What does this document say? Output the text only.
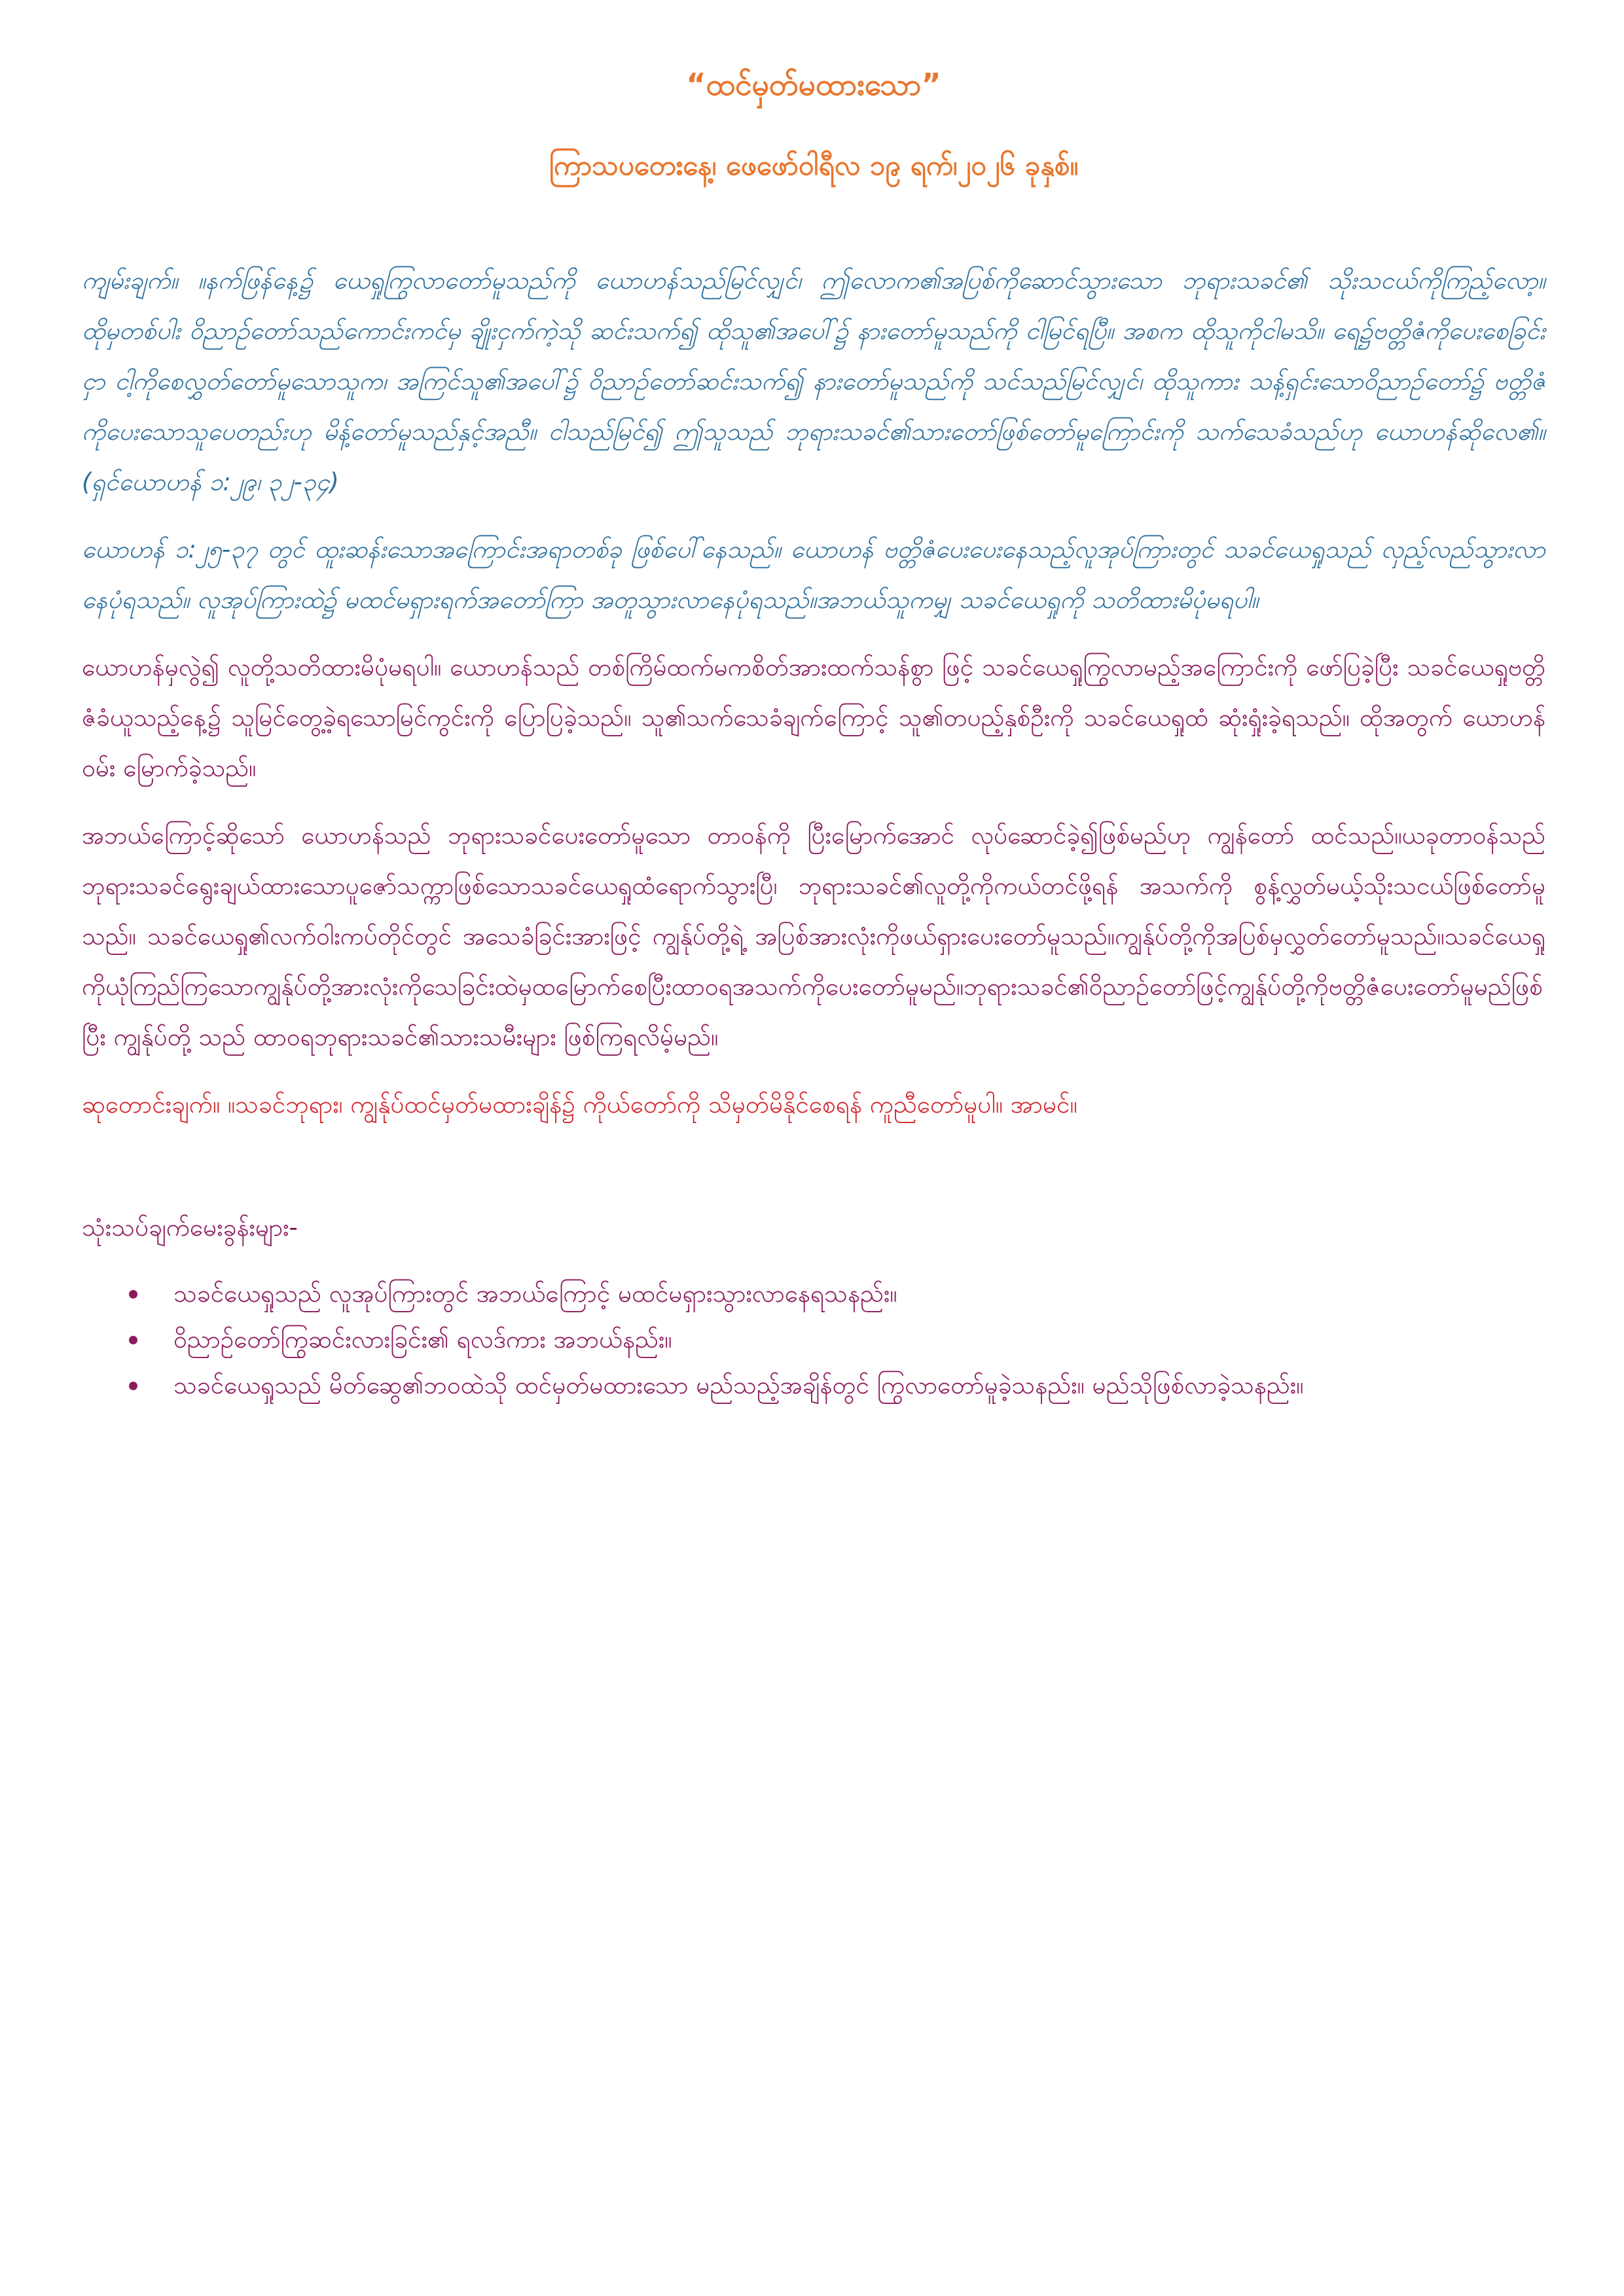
“ထင်မှတ်မထားသော”
ကြာသပတေးနေ့၊ ဖေဖော်ဝါရီလ ၁၉ ရက်၊၂၀၂၆ ခုနှစ်။

ကျမ်းချက်။ ။နက်ဖြန်နေ့၌ ယေရှုကြွလာတော်မူသည်ကို ယောဟန်သည်မြင်လျှင်၊ ဤလောက၏အပြစ်ကိုဆောင်သွားသော ဘုရားသခင်၏ သိုးသငယ်ကိုကြည့်လော့။ ထိုမှတစ်ပါး ဝိညာဉ်တော်သည်ကောင်းကင်မှ ချိုးငှက်ကဲ့သို ဆင်းသက်၍ ထိုသူ၏အပေါ်၌ နားတော်မူသည်ကို ငါမြင်ရပြီ။ အစက ထိုသူကိုငါမသိ။ ရေ၌ဗတ္တိဇံကိုပေးစေခြင်းငှာ ငါ့ကိုစေလွှတ်တော်မူသောသူက၊ အကြင်သူ၏အပေါ်၌ ဝိညာဉ်တော်ဆင်းသက်၍ နားတော်မူသည်ကို သင်သည်မြင်လျှင်၊ ထိုသူကား သန့်ရှင်းသောဝိညာဉ်တော်၌ ဗတ္တိဇံကိုပေးသောသူပေတည်းဟု မိန့်တော်မူသည်နှင့်အညီ။ ငါသည်မြင်၍ ဤသူသည် ဘုရားသခင်၏သားတော်ဖြစ်တော်မူကြောင်းကို သက်သေခံသည်ဟု ယောဟန်ဆိုလေ၏။ (ရှင်ယောဟန် ၁:၂၉၊ ၃၂-၃၄)

ယောဟန် ၁:၂၅-၃၇ တွင် ထူးဆန်းသောအကြောင်းအရာတစ်ခု ဖြစ်ပေါ်နေသည်။ ယောဟန် ဗတ္တိဇံပေးပေးနေသည့်လူအုပ်ကြားတွင် သခင်ယေရှုသည် လှည့်လည်သွားလာနေပုံရသည်။ လူအုပ်ကြားထဲ၌ မထင်မရှားရက်အတော်ကြာ အတူသွားလာနေပုံရသည်။အဘယ်သူကမျှ သခင်ယေရှုကို သတိထားမိပုံမရပါ။

ယောဟန်မှလွဲ၍ လူတို့သတိထားမိပုံမရပါ။ ယောဟန်သည် တစ်ကြိမ်ထက်မကစိတ်အားထက်သန်စွာ ဖြင့် သခင်ယေရှုကြွလာမည့်အကြောင်းကို ဖော်ပြခဲ့ပြီး သခင်ယေရှုဗတ္တိဇံခံယူသည့်နေ့၌ သူမြင်တွေ့ခဲ့ရသောမြင်ကွင်းကို ပြောပြခဲ့သည်။ သူ၏သက်သေခံချက်ကြောင့် သူ၏တပည့်နှစ်ဦးကို သခင်ယေရှုထံ ဆုံးရှုံးခဲ့ရသည်။ ထိုအတွက် ယောဟန်ဝမ်း မြောက်ခဲ့သည်။

အဘယ်ကြောင့်ဆိုသော် ယောဟန်သည် ဘုရားသခင်ပေးတော်မူသော တာဝန်ကို ပြီးမြောက်အောင် လုပ်ဆောင်ခဲ့၍ဖြစ်မည်ဟု ကျွန်တော် ထင်သည်။ယခုတာဝန်သည်ဘုရားသခင်ရွေးချယ်ထားသောပူဇော်သက္ကာဖြစ်သောသခင်ယေရှုထံရောက်သွားပြီ၊ ဘုရားသခင်၏လူတို့ကိုကယ်တင်ဖို့ရန် အသက်ကို စွန့်လွှတ်မယ့်သိုးသငယ်ဖြစ်တော်မူသည်။ သခင်ယေရှု၏လက်ဝါးကပ်တိုင်တွင် အသေခံခြင်းအားဖြင့် ကျွန်ုပ်တို့ရဲ့ အပြစ်အားလုံးကိုဖယ်ရှားပေးတော်မူသည်။ကျွန်ုပ်တို့ကိုအပြစ်မှလွှတ်တော်မူသည်။သခင်ယေရှုကိုယုံကြည်ကြသောကျွန်ုပ်တို့အားလုံးကိုသေခြင်းထဲမှထမြောက်စေပြီးထာဝရအသက်ကိုပေးတော်မူမည်။ဘုရားသခင်၏ဝိညာဉ်တော်ဖြင့်ကျွန်ုပ်တို့ကိုဗတ္တိဇံပေးတော်မူမည်ဖြစ်ပြီး ကျွန်ုပ်တို့ သည် ထာဝရဘုရားသခင်၏သားသမီးများ ဖြစ်ကြရလိမ့်မည်။

ဆုတောင်းချက်။ ။သခင်ဘုရား၊ ကျွန်ုပ်ထင်မှတ်မထားချိန်၌ ကိုယ်တော်ကို သိမှတ်မိနိုင်စေရန် ကူညီတော်မူပါ။ အာမင်။

သုံးသပ်ချက်မေးခွန်းများ-
သခင်ယေရှုသည် လူအုပ်ကြားတွင် အဘယ်ကြောင့် မထင်မရှားသွားလာနေရသနည်း။
ဝိညာဉ်တော်ကြွဆင်းလားခြင်း၏ ရလဒ်ကား အဘယ်နည်း။
သခင်ယေရှုသည် မိတ်ဆွေ၏ဘဝထဲသို ထင်မှတ်မထားသော မည်သည့်အချိန်တွင် ကြွလာတော်မူခဲ့သနည်း။ မည်သိုဖြစ်လာခဲ့သနည်း။
